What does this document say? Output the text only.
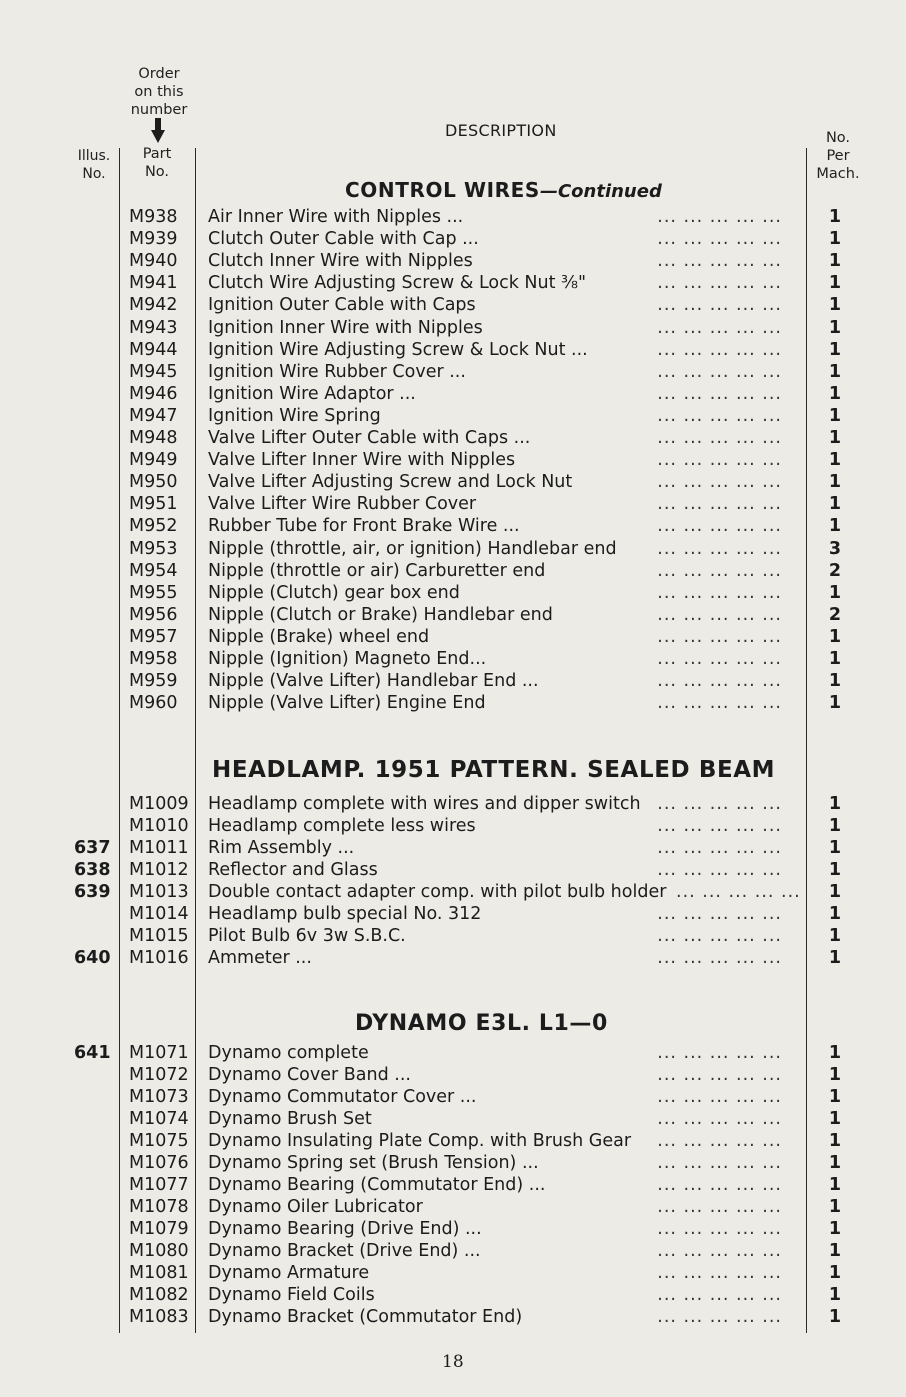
Order
on this
number
Illus.
No.
Part
No.
DESCRIPTION	No.
Per
Mach.
CONTROL WIRES—Continued
M938 Air Inner Wire with Nipples ...	... ... ... ... ...	1
M939 Clutch Outer Cable with Cap ...	... ... ... ... ...	1
M940 Clutch Inner Wire with Nipples	... ... ... ... ...	1
M941 Clutch Wire Adjusting Screw & Lock Nut ⅜"	... ... ... ... ...	1
M942 Ignition Outer Cable with Caps	... ... ... ... ...	1
M943 Ignition Inner Wire with Nipples	... ... ... ... ...	1
M944 Ignition Wire Adjusting Screw & Lock Nut ...	... ... ... ... ...	1
M945 Ignition Wire Rubber Cover ...	... ... ... ... ...	1
M946 Ignition Wire Adaptor ...	... ... ... ... ...	1
M947 Ignition Wire Spring	... ... ... ... ...	1
M948 Valve Lifter Outer Cable with Caps ...	... ... ... ... ...	1
M949 Valve Lifter Inner Wire with Nipples	... ... ... ... ...	1
M950 Valve Lifter Adjusting Screw and Lock Nut	... ... ... ... ...	1
M951 Valve Lifter Wire Rubber Cover	... ... ... ... ...	1
M952 Rubber Tube for Front Brake Wire ...	... ... ... ... ...	1
M953 Nipple (throttle, air, or ignition) Handlebar end	... ... ... ... ...	3
M954 Nipple (throttle or air) Carburetter end	... ... ... ... ...	2
M955 Nipple (Clutch) gear box end	... ... ... ... ...	1
M956 Nipple (Clutch or Brake) Handlebar end	... ... ... ... ...	2
M957 Nipple (Brake) wheel end	... ... ... ... ...	1
M958 Nipple (Ignition) Magneto End...	... ... ... ... ...	1
M959 Nipple (Valve Lifter) Handlebar End ...	... ... ... ... ...	1
M960 Nipple (Valve Lifter) Engine End	... ... ... ... ...	1
HEADLAMP. 1951 PATTERN. SEALED BEAM
M1009 Headlamp complete with wires and dipper switch ... ... ... ... ...	1
M1010 Headlamp complete less wires	... ... ... ... ...	1
637 M1011 Rim Assembly ...	... ... ... ... ...	1
638 M1012 Reflector and Glass	... ... ... ... ...	1
639 M1013 Double contact adapter comp. with pilot bulb holder ... ... ... ... ... 1
M1014 Headlamp bulb special No. 312	... ... ... ... ...	1
M1015 Pilot Bulb 6v 3w S.B.C.	... ... ... ... ...	1
640 M1016 Ammeter ...	... ... ... ... ...	1
DYNAMO E3L. L1—0
641 M1071 Dynamo complete	... ... ... ... ...	1
M1072 Dynamo Cover Band ...	... ... ... ... ...	1
M1073 Dynamo Commutator Cover ...	... ... ... ... ...	1
M1074 Dynamo Brush Set	... ... ... ... ...	1
M1075 Dynamo Insulating Plate Comp. with Brush Gear	... ... ... ... ...	1
M1076 Dynamo Spring set (Brush Tension) ...	... ... ... ... ...	1
M1077 Dynamo Bearing (Commutator End) ...	... ... ... ... ...	1
M1078 Dynamo Oiler Lubricator	... ... ... ... ...	1
M1079 Dynamo Bearing (Drive End) ...	... ... ... ... ...	1
M1080 Dynamo Bracket (Drive End) ...	... ... ... ... ...	1
M1081 Dynamo Armature	... ... ... ... ...	1
M1082 Dynamo Field Coils	... ... ... ... ...	1
M1083 Dynamo Bracket (Commutator End)	... ... ... ... ...	1
18
